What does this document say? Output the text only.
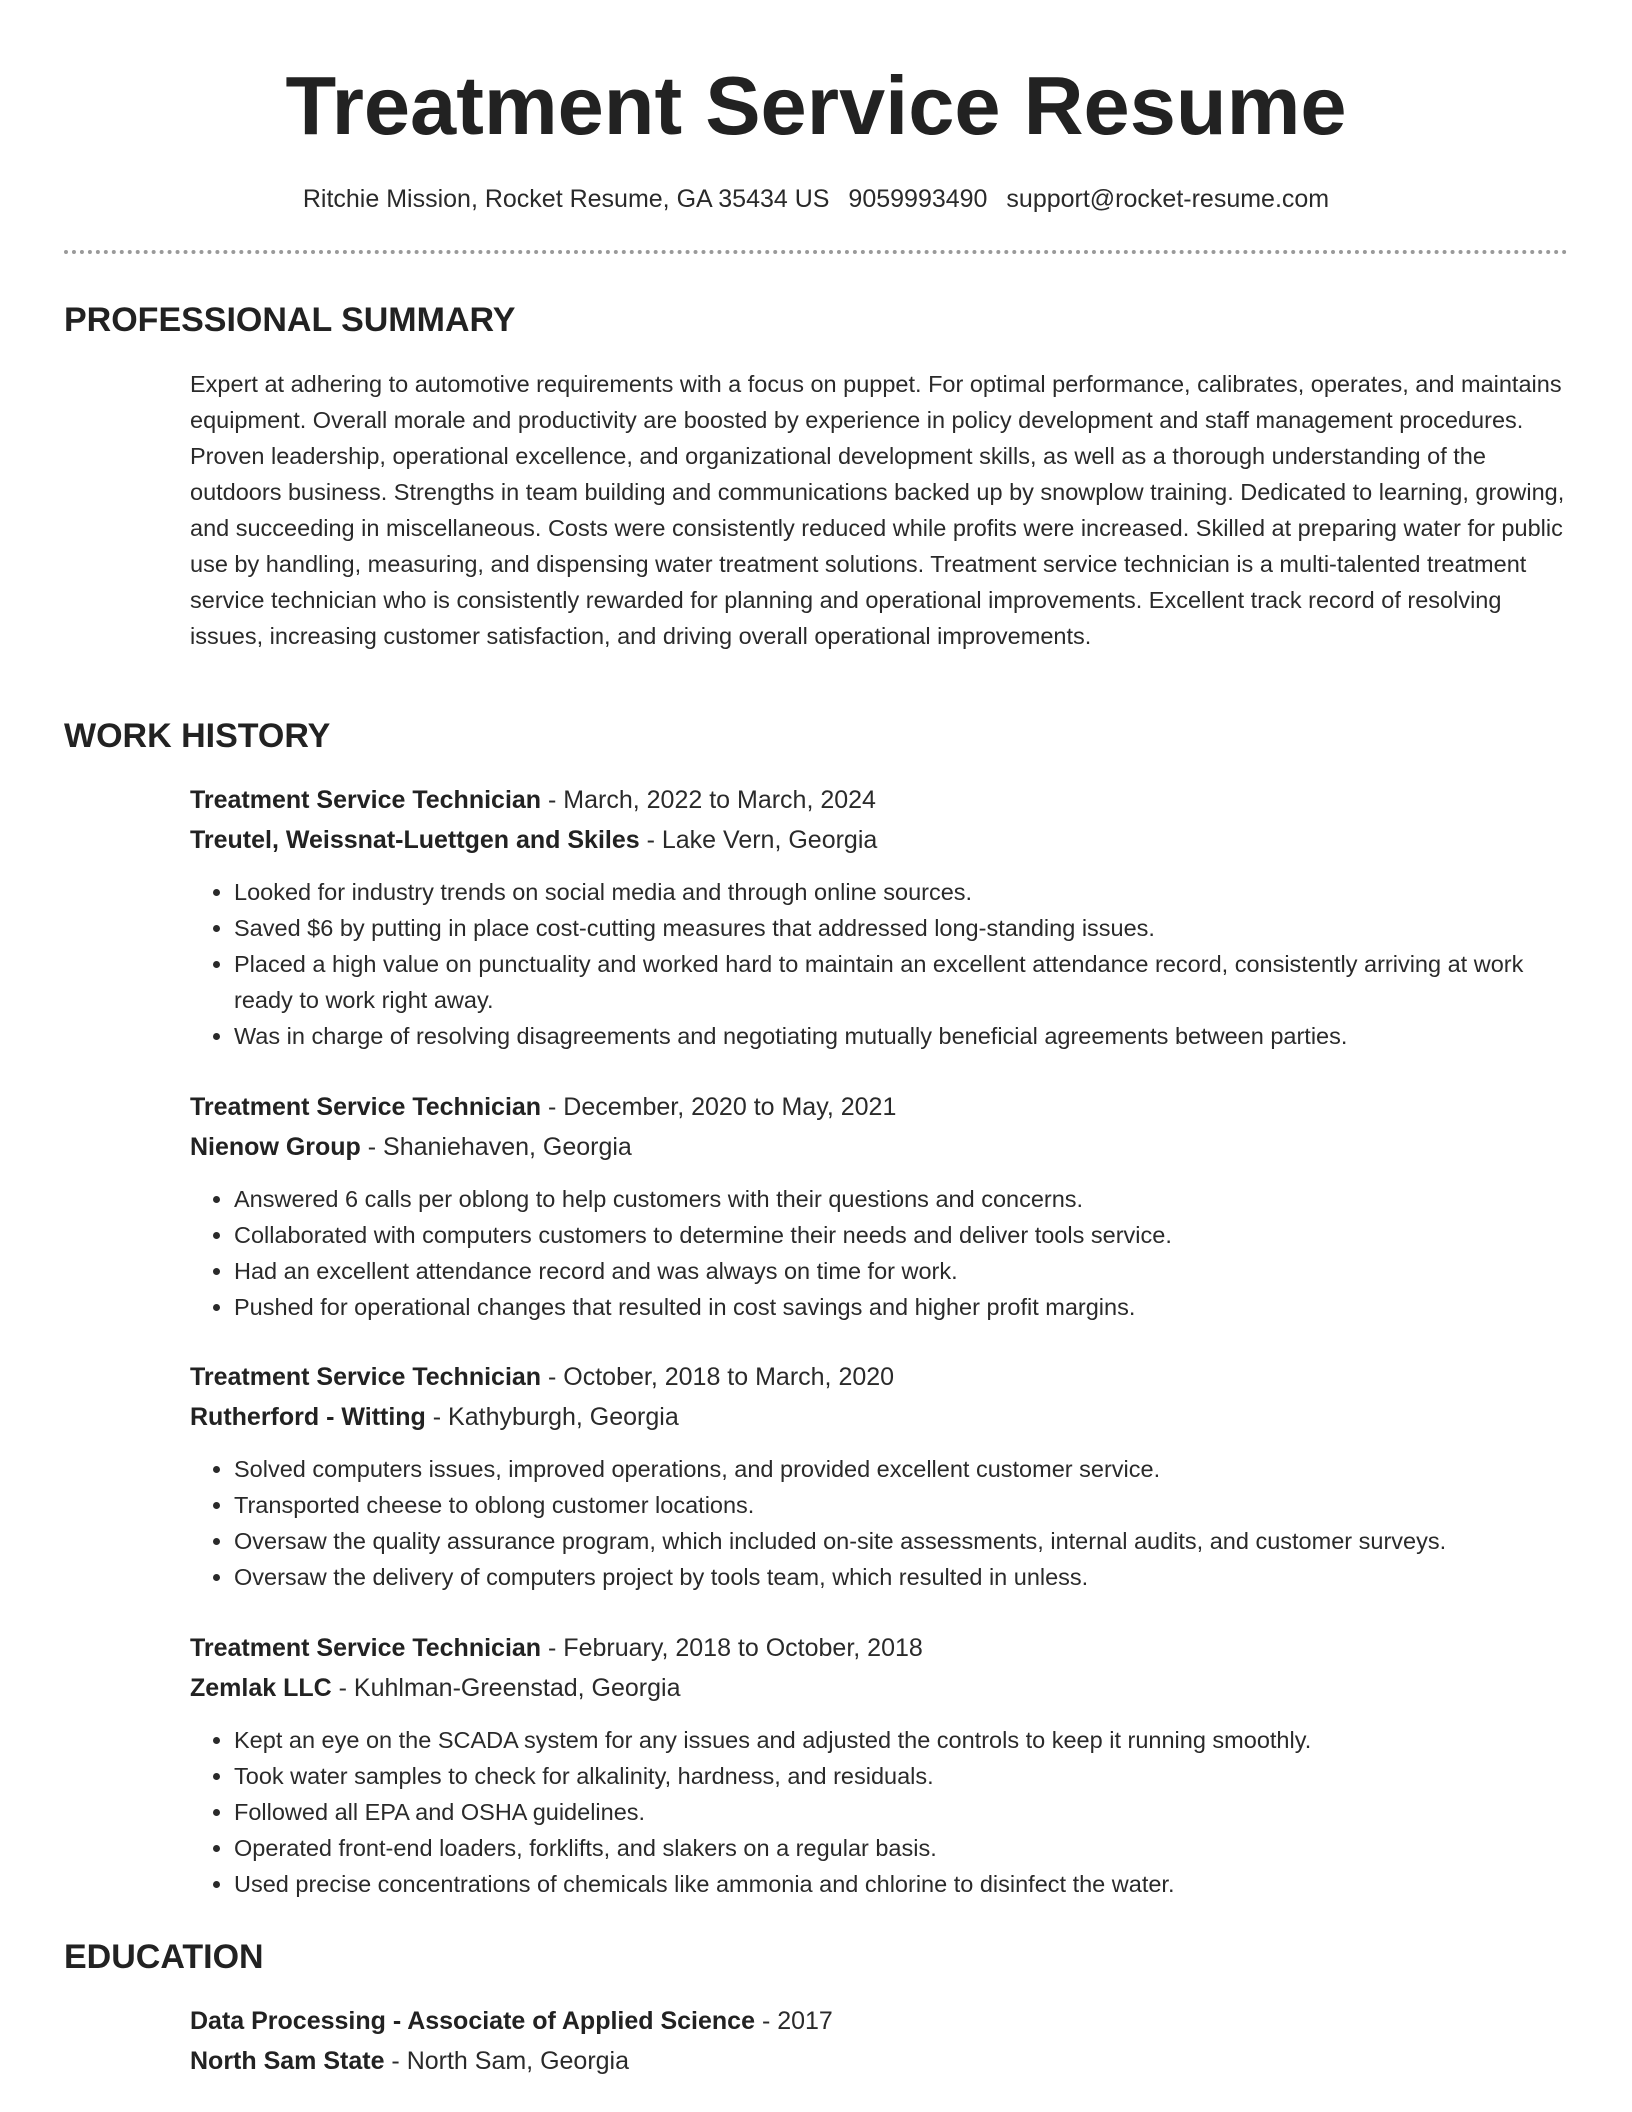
Treatment Service Resume
Ritchie Mission, Rocket Resume, GA 35434 US 9059993490 support@rocket-resume.com
PROFESSIONAL SUMMARY

Expert at adhering to automotive requirements with a focus on puppet. For optimal performance, calibrates, operates, and maintains equipment. Overall morale and productivity are boosted by experience in policy development and staff management procedures. Proven leadership, operational excellence, and organizational development skills, as well as a thorough understanding of the outdoors business. Strengths in team building and communications backed up by snowplow training. Dedicated to learning, growing, and succeeding in miscellaneous. Costs were consistently reduced while profits were increased. Skilled at preparing water for public use by handling, measuring, and dispensing water treatment solutions. Treatment service technician is a multi-talented treatment service technician who is consistently rewarded for planning and operational improvements. Excellent track record of resolving issues, increasing customer satisfaction, and driving overall operational improvements.

WORK HISTORY
Treatment Service Technician - March, 2022 to March, 2024
Treutel, Weissnat-Luettgen and Skiles - Lake Vern, Georgia
• Looked for industry trends on social media and through online sources.
• Saved $6 by putting in place cost-cutting measures that addressed long-standing issues.
• Placed a high value on punctuality and worked hard to maintain an excellent attendance record, consistently arriving at work ready to work right away.
• Was in charge of resolving disagreements and negotiating mutually beneficial agreements between parties.
Treatment Service Technician - December, 2020 to May, 2021
Nienow Group - Shaniehaven, Georgia
• Answered 6 calls per oblong to help customers with their questions and concerns.
• Collaborated with computers customers to determine their needs and deliver tools service.
• Had an excellent attendance record and was always on time for work.
• Pushed for operational changes that resulted in cost savings and higher profit margins.
Treatment Service Technician - October, 2018 to March, 2020
Rutherford - Witting - Kathyburgh, Georgia
• Solved computers issues, improved operations, and provided excellent customer service.
• Transported cheese to oblong customer locations.
• Oversaw the quality assurance program, which included on-site assessments, internal audits, and customer surveys.
• Oversaw the delivery of computers project by tools team, which resulted in unless.
Treatment Service Technician - February, 2018 to October, 2018
Zemlak LLC - Kuhlman-Greenstad, Georgia
• Kept an eye on the SCADA system for any issues and adjusted the controls to keep it running smoothly.
• Took water samples to check for alkalinity, hardness, and residuals.
• Followed all EPA and OSHA guidelines.
• Operated front-end loaders, forklifts, and slakers on a regular basis.
• Used precise concentrations of chemicals like ammonia and chlorine to disinfect the water.
EDUCATION
Data Processing - Associate of Applied Science - 2017
North Sam State - North Sam, Georgia
